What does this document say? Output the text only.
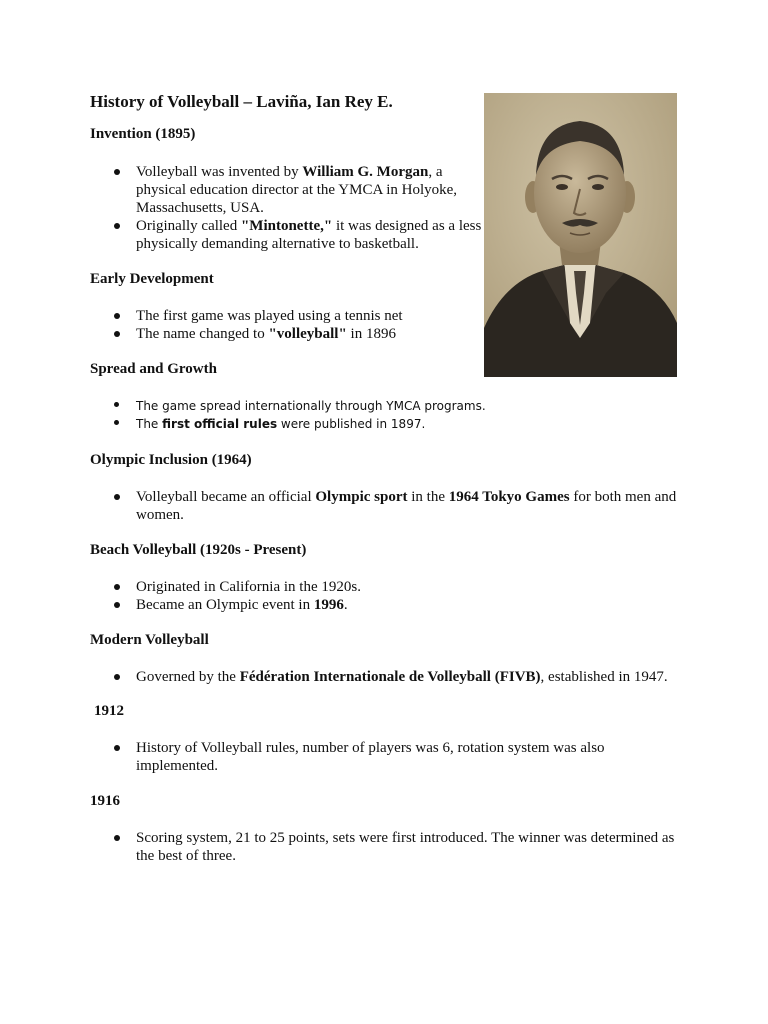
History of Volleyball – Laviña, Ian Rey E.
Invention (1895)
Volleyball was invented by William G. Morgan, a physical education director at the YMCA in Holyoke, Massachusetts, USA.
Originally called "Mintonette," it was designed as a less physically demanding alternative to basketball.
Early Development
The first game was played using a tennis net
The name changed to "volleyball" in 1896
Spread and Growth
The game spread internationally through YMCA programs.
The first official rules were published in 1897.
Olympic Inclusion (1964)
Volleyball became an official Olympic sport in the 1964 Tokyo Games for both men and women.
Beach Volleyball (1920s - Present)
Originated in California in the 1920s.
Became an Olympic event in 1996.
Modern Volleyball
Governed by the Fédération Internationale de Volleyball (FIVB), established in 1947.
1912
History of Volleyball rules, number of players was 6, rotation system was also implemented.
1916
Scoring system, 21 to 25 points, sets were first introduced. The winner was determined as the best of three.
